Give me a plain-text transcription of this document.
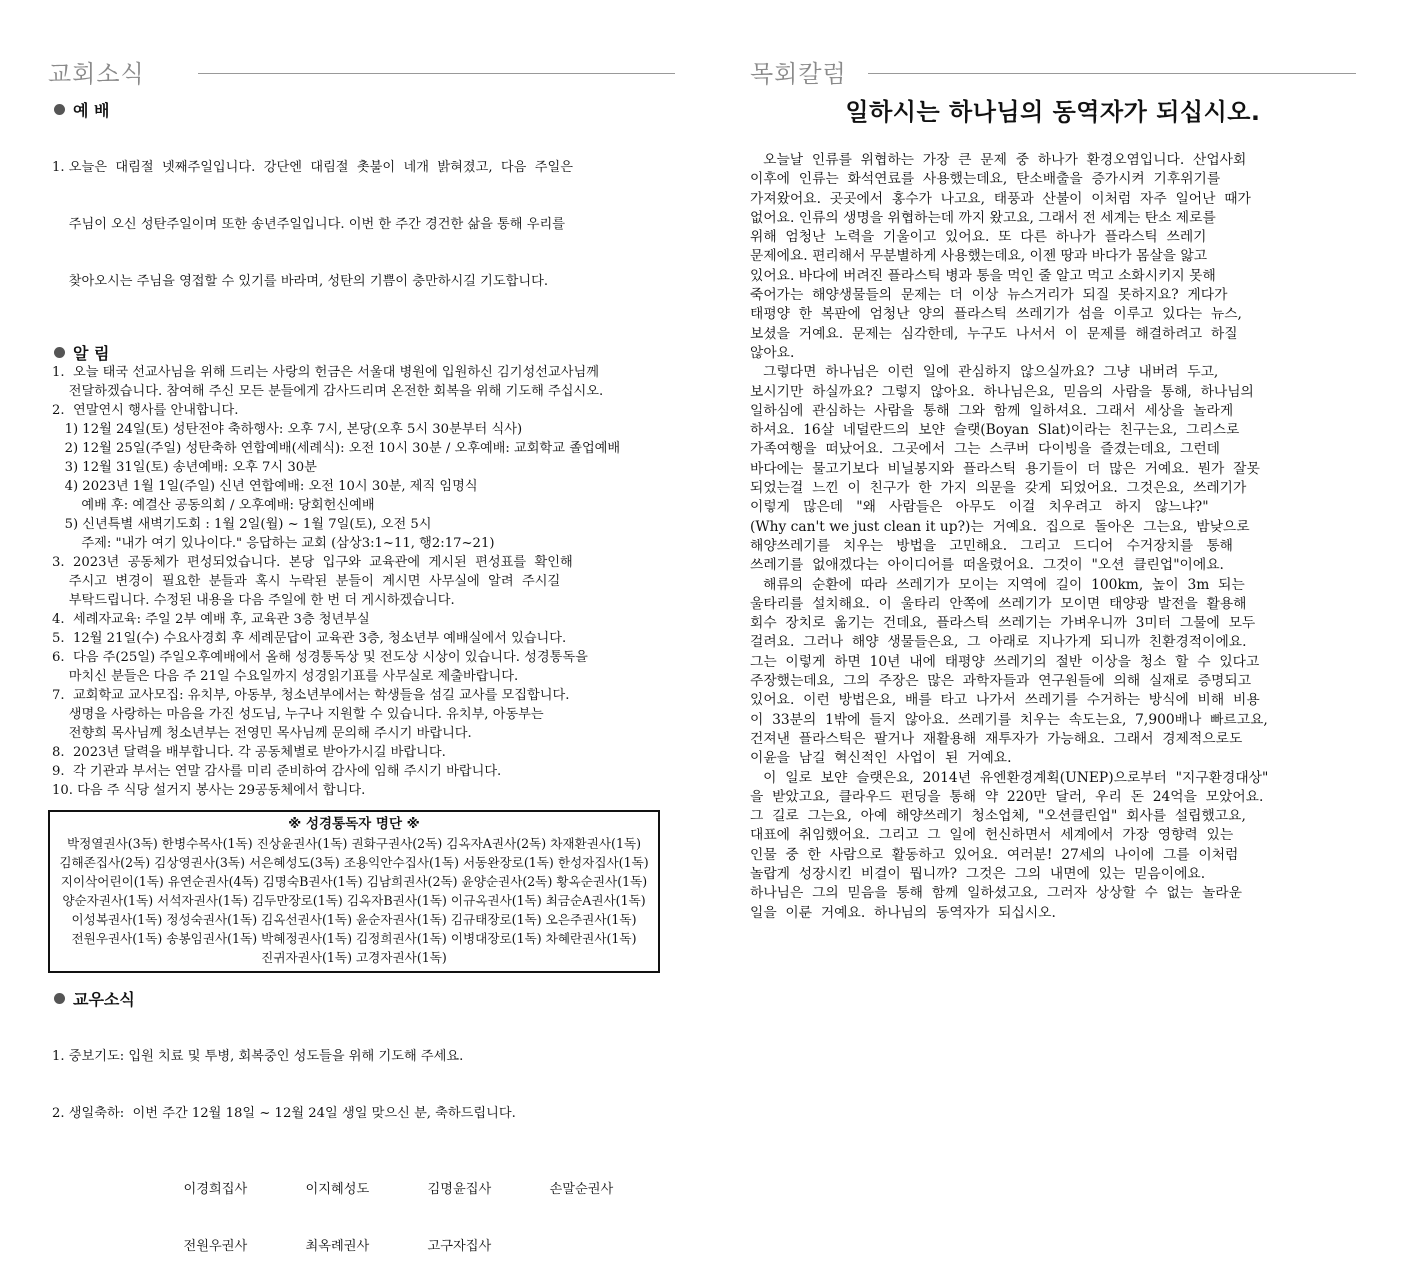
교회소식
예 배

1. 오늘은  대림절  넷째주일입니다.  강단엔  대림절  촛불이  네개  밝혀졌고,  다음  주일은

주님이 오신 성탄주일이며 또한 송년주일입니다. 이번 한 주간 경건한 삶을 통해 우리를

찾아오시는 주님을 영접할 수 있기를 바라며, 성탄의 기쁨이 충만하시길 기도합니다.

알 림
1.  오늘 태국 선교사님을 위해 드리는 사랑의 헌금은 서울대 병원에 입원하신 김기성선교사님께
전달하겠습니다. 참여해 주신 모든 분들에게 감사드리며 온전한 회복을 위해 기도해 주십시오.
2.  연말연시 행사를 안내합니다.
1) 12월 24일(토) 성탄전야 축하행사: 오후 7시, 본당(오후 5시 30분부터 식사)
2) 12월 25일(주일) 성탄축하 연합예배(세례식): 오전 10시 30분 / 오후예배: 교회학교 졸업예배
3) 12월 31일(토) 송년예배: 오후 7시 30분
4) 2023년 1월 1일(주일) 신년 연합예배: 오전 10시 30분, 제직 임명식
예배 후: 예결산 공동의회 / 오후예배: 당회헌신예배
5) 신년특별 새벽기도회 : 1월 2일(월) ~ 1월 7일(토), 오전 5시
주제: "내가 여기 있나이다." 응답하는 교회 (삼상3:1~11, 행2:17~21)
3.  2023년  공동체가  편성되었습니다.  본당  입구와  교육관에  게시된  편성표를  확인해
주시고  변경이  필요한  분들과  혹시  누락된  분들이  계시면  사무실에  알려  주시길
부탁드립니다. 수정된 내용을 다음 주일에 한 번 더 게시하겠습니다.
4.  세례자교육: 주일 2부 예배 후, 교육관 3층 청년부실
5.  12월 21일(수) 수요사경회 후 세례문답이 교육관 3층, 청소년부 예배실에서 있습니다.
6.  다음 주(25일) 주일오후예배에서 올해 성경통독상 및 전도상 시상이 있습니다. 성경통독을
마치신 분들은 다음 주 21일 수요일까지 성경읽기표를 사무실로 제출바랍니다.
7.  교회학교 교사모집: 유치부, 아동부, 청소년부에서는 학생들을 섬길 교사를 모집합니다.
생명을 사랑하는 마음을 가진 성도님, 누구나 지원할 수 있습니다. 유치부, 아동부는
전향희 목사님께 청소년부는 전영민 목사님께 문의해 주시기 바랍니다.
8.  2023년 달력을 배부합니다. 각 공동체별로 받아가시길 바랍니다.
9.  각 기관과 부서는 연말 감사를 미리 준비하여 감사에 임해 주시기 바랍니다.
10. 다음 주 식당 설거지 봉사는 29공동체에서 합니다.
※ 성경통독자 명단 ※
박정열권사(3독) 한병수목사(1독) 진상윤권사(1독) 권화구권사(2독) 김옥자A권사(2독) 차재환권사(1독)
김해존집사(2독) 김상영권사(3독) 서은혜성도(3독) 조용익안수집사(1독) 서동완장로(1독) 한성자집사(1독)
지이삭어린이(1독) 유연순권사(4독) 김명숙B권사(1독) 김남희권사(2독) 윤양순권사(2독) 황옥순권사(1독)
양순자권사(1독) 서석자권사(1독) 김두만장로(1독) 김옥자B권사(1독) 이규옥권사(1독) 최금순A권사(1독)
이성복권사(1독) 정성숙권사(1독) 김옥선권사(1독) 윤순자권사(1독) 김규태장로(1독) 오은주권사(1독)
전원우권사(1독) 송봉임권사(1독) 박혜정권사(1독) 김정희권사(1독) 이병대장로(1독) 차혜란권사(1독)
진귀자권사(1독) 고경자권사(1독)
교우소식

1. 중보기도: 입원 치료 및 투병, 회복중인 성도들을 위해 기도해 주세요.

2. 생일축하:  이번 주간 12월 18일 ~ 12월 24일 생일 맞으신 분, 축하드립니다.

이경희집사	이지혜성도	김명윤집사	손말순권사

전원우권사	최옥례권사	고구자집사

목회칼럼
일하시는 하나님의 동역자가 되십시오.
오늘날  인류를  위협하는  가장  큰  문제  중  하나가  환경오염입니다.  산업사회
이후에  인류는  화석연료를  사용했는데요,  탄소배출을  증가시켜  기후위기를
가져왔어요.  곳곳에서  홍수가  나고요,  태풍과  산불이  이처럼  자주  일어난  때가
없어요. 인류의 생명을 위협하는데 까지 왔고요, 그래서 전 세계는 탄소 제로를
위해  엄청난  노력을  기울이고  있어요.  또  다른  하나가  플라스틱  쓰레기
문제에요. 편리해서 무분별하게 사용했는데요, 이젠 땅과 바다가 몸살을 앓고
있어요. 바다에 버려진 플라스틱 병과 통을 먹인 줄 알고 먹고 소화시키지 못해
죽어가는  해양생물들의  문제는  더  이상  뉴스거리가  되질  못하지요?  게다가
태평양  한  복판에  엄청난  양의  플라스틱  쓰레기가  섬을  이루고  있다는  뉴스,
보셨을  거예요.  문제는  심각한데,  누구도  나서서  이  문제를  해결하려고  하질
않아요.
그렇다면  하나님은  이런  일에  관심하지  않으실까요?  그냥  내버려  두고,
보시기만  하실까요?  그렇지  않아요.  하나님은요,  믿음의  사람을  통해,  하나님의
일하심에  관심하는  사람을  통해  그와  함께  일하셔요.  그래서  세상을  놀라게
하셔요.  16살  네덜란드의  보얀  슬랫(Boyan  Slat)이라는  친구는요,  그리스로
가족여행을  떠났어요.  그곳에서  그는  스쿠버  다이빙을  즐겼는데요,  그런데
바다에는  물고기보다  비닐봉지와  플라스틱  용기들이  더  많은  거예요.  뭔가  잘못
되었는걸  느낀  이  친구가  한  가지  의문을  갖게  되었어요.  그것은요,  쓰레기가
이렇게   많은데   "왜   사람들은   아무도   이걸   치우려고   하지   않느냐?"
(Why can't we just clean it up?)는  거예요.  집으로  돌아온  그는요,  밤낮으로
해양쓰레기를   치우는   방법을   고민해요.   그리고   드디어   수거장치를   통해
쓰레기를  없애겠다는  아이디어를  떠올렸어요.  그것이  "오션  클린업"이에요.
해류의  순환에  따라  쓰레기가  모이는  지역에  길이  100km,  높이  3m  되는
울타리를  설치해요.  이  울타리  안쪽에  쓰레기가  모이면  태양광  발전을  활용해
회수  장치로  옮기는  건데요,  플라스틱  쓰레기는  가벼우니까  3미터  그물에  모두
걸려요.  그러나  해양  생물들은요,  그  아래로  지나가게  되니까  친환경적이에요.
그는  이렇게  하면  10년  내에  태평양  쓰레기의  절반  이상을  청소  할  수  있다고
주장했는데요,  그의  주장은  많은  과학자들과  연구원들에  의해  실재로  증명되고
있어요.  이런  방법은요,  배를  타고  나가서  쓰레기를  수거하는  방식에  비해  비용
이  33분의  1밖에  들지  않아요.  쓰레기를  치우는  속도는요,  7,900배나  빠르고요,
건져낸  플라스틱은  팔거나  재활용해  재투자가  가능해요.  그래서  경제적으로도
이윤을  남길  혁신적인  사업이  된  거예요.
이  일로  보얀  슬랫은요,  2014년  유엔환경계획(UNEP)으로부터  "지구환경대상"
을  받았고요,  클라우드  펀딩을  통해  약  220만  달러,  우리  돈  24억을  모았어요.
그  길로  그는요,  아예  해양쓰레기  청소업체,  "오션클린업"  회사를  설립했고요,
대표에  취임했어요.  그리고  그  일에  헌신하면서  세계에서  가장  영향력  있는
인물  중  한  사람으로  활동하고  있어요.  여러분!  27세의  나이에  그를  이처럼
놀랍게  성장시킨  비결이  뭡니까?  그것은  그의  내면에  있는  믿음이에요.
하나님은  그의  믿음을  통해  함께  일하셨고요,  그러자  상상할  수  없는  놀라운
일을  이룬  거예요.  하나님의  동역자가  되십시오.
